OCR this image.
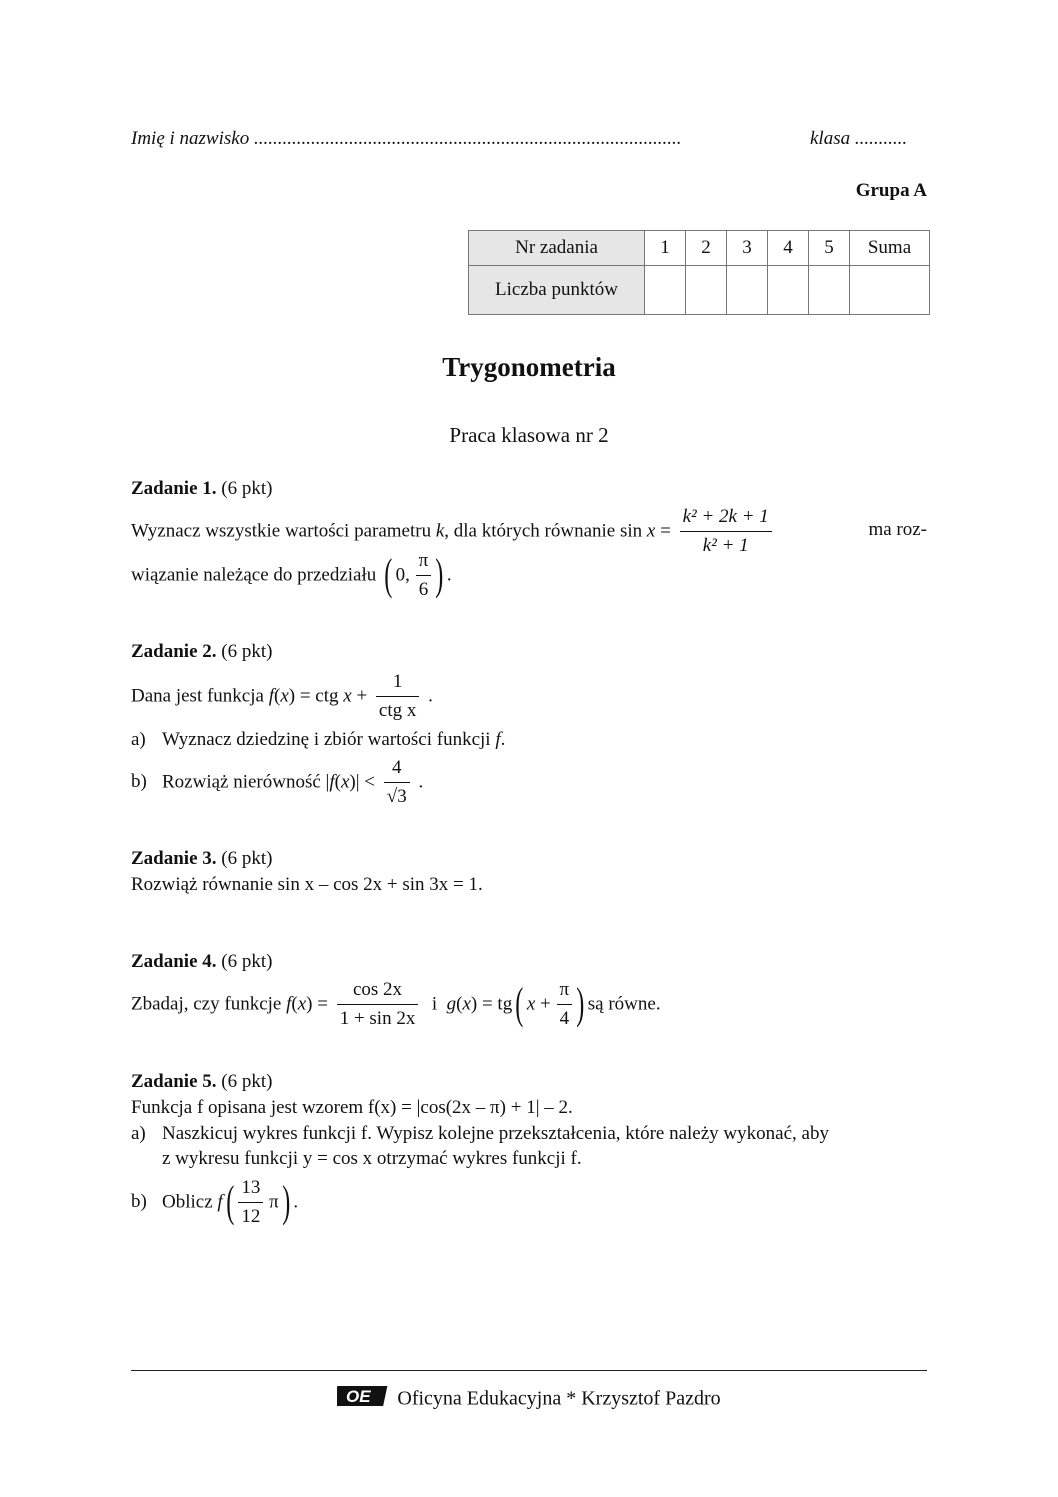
Imię i nazwisko ..........................................................................................	klasa ...........
Grupa A
Nr zadania	1	2	3	4	5	Suma
Liczba punktów						
Trygonometria
Praca klasowa nr 2
Zadanie 1. (6 pkt)
Wyznacz wszystkie wartości parametru k, dla których równanie $\sin x = \frac{\text{k² + 2k + 1}}{\text{k² + 1}}$	ma roz-
wiązanie należące do przedziału ( 0, $\frac{\pi}{6}$ ) .
Zadanie 2. (6 pkt)
Dana jest funkcja f(x) = ctg $x + \frac{1}{\text{ctg x}}$ .
a) Wyznacz dziedzinę i zbiór wartości funkcji f.
b) Rozwiąż nierówność $|f(x)| < \frac{4}{√3}$ .
Zadanie 3. (6 pkt)
Rozwiąż równanie sin x – cos 2x + sin 3x = 1.
Zadanie 4. (6 pkt)
Zbadaj, czy funkcje $f(x) = \frac{\cos 2x}{1 + \sin 2x}$ i  g(x) = tg( $x + \frac{\pi}{4}$ ) są równe.
Zadanie 5. (6 pkt)
Funkcja f opisana jest wzorem f(x) = |cos(2x – π) + 1| – 2.
a) Naszkicuj wykres funkcji f. Wypisz kolejne przekształcenia, które należy wykonać, aby
z wykresu funkcji y = cos x otrzymać wykres funkcji f.
b) Oblicz $f( \frac{13}{12} \pi)$ .
OE Oficyna Edukacyjna * Krzysztof Pazdro
